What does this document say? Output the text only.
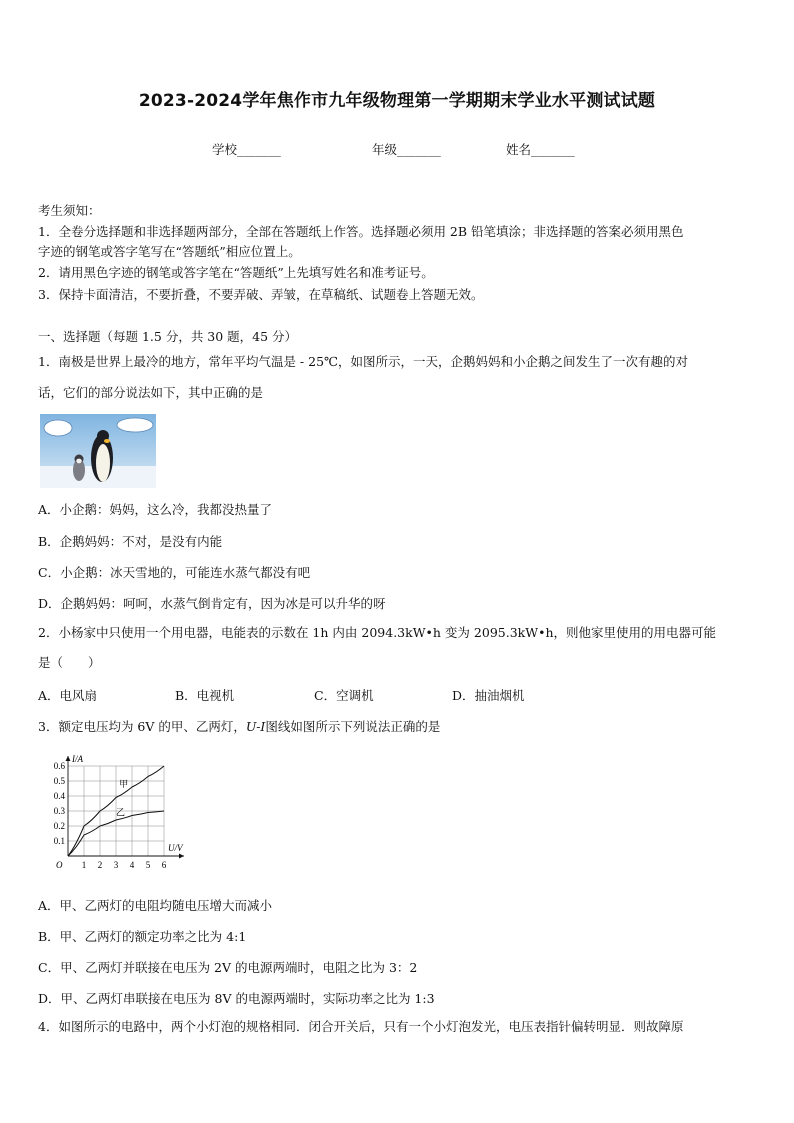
2023-2024学年焦作市九年级物理第一学期期末学业水平测试试题
学校_______	年级_______	姓名_______
考生须知：
1．全卷分选择题和非选择题两部分，全部在答题纸上作答。选择题必须用 2B 铅笔填涂；非选择题的答案必须用黑色
字迹的钢笔或答字笔写在“答题纸”相应位置上。
2．请用黑色字迹的钢笔或答字笔在“答题纸”上先填写姓名和准考证号。
3．保持卡面清洁，不要折叠，不要弄破、弄皱，在草稿纸、试题卷上答题无效。
一、选择题（每题 1.5 分，共 30 题，45 分）
1．南极是世界上最冷的地方，常年平均气温是 - 25℃，如图所示，一天，企鹅妈妈和小企鹅之间发生了一次有趣的对
话，它们的部分说法如下，其中正确的是
A．小企鹅：妈妈，这么冷，我都没热量了
B．企鹅妈妈：不对，是没有内能
C．小企鹅：冰天雪地的，可能连水蒸气都没有吧
D．企鹅妈妈：呵呵，水蒸气倒肯定有，因为冰是可以升华的呀
2．小杨家中只使用一个用电器，电能表的示数在 1h 内由 2094.3kW•h 变为 2095.3kW•h，则他家里使用的用电器可能
是（　　）
A．电风扇	B．电视机	C．空调机	D．抽油烟机
3．额定电压均为 6V 的甲、乙两灯，U-I图线如图所示下列说法正确的是
1 2 3 4 5 6
0.1
0.2
0.3
0.4
0.5
0.6
O
I/A
U/V
甲
乙
A．甲、乙两灯的电阻均随电压增大而减小
B．甲、乙两灯的额定功率之比为 4:1
C．甲、乙两灯并联接在电压为 2V 的电源两端时，电阻之比为 3：2
D．甲、乙两灯串联接在电压为 8V 的电源两端时，实际功率之比为 1:3
4．如图所示的电路中，两个小灯泡的规格相同．闭合开关后，只有一个小灯泡发光，电压表指针偏转明显．则故障原
